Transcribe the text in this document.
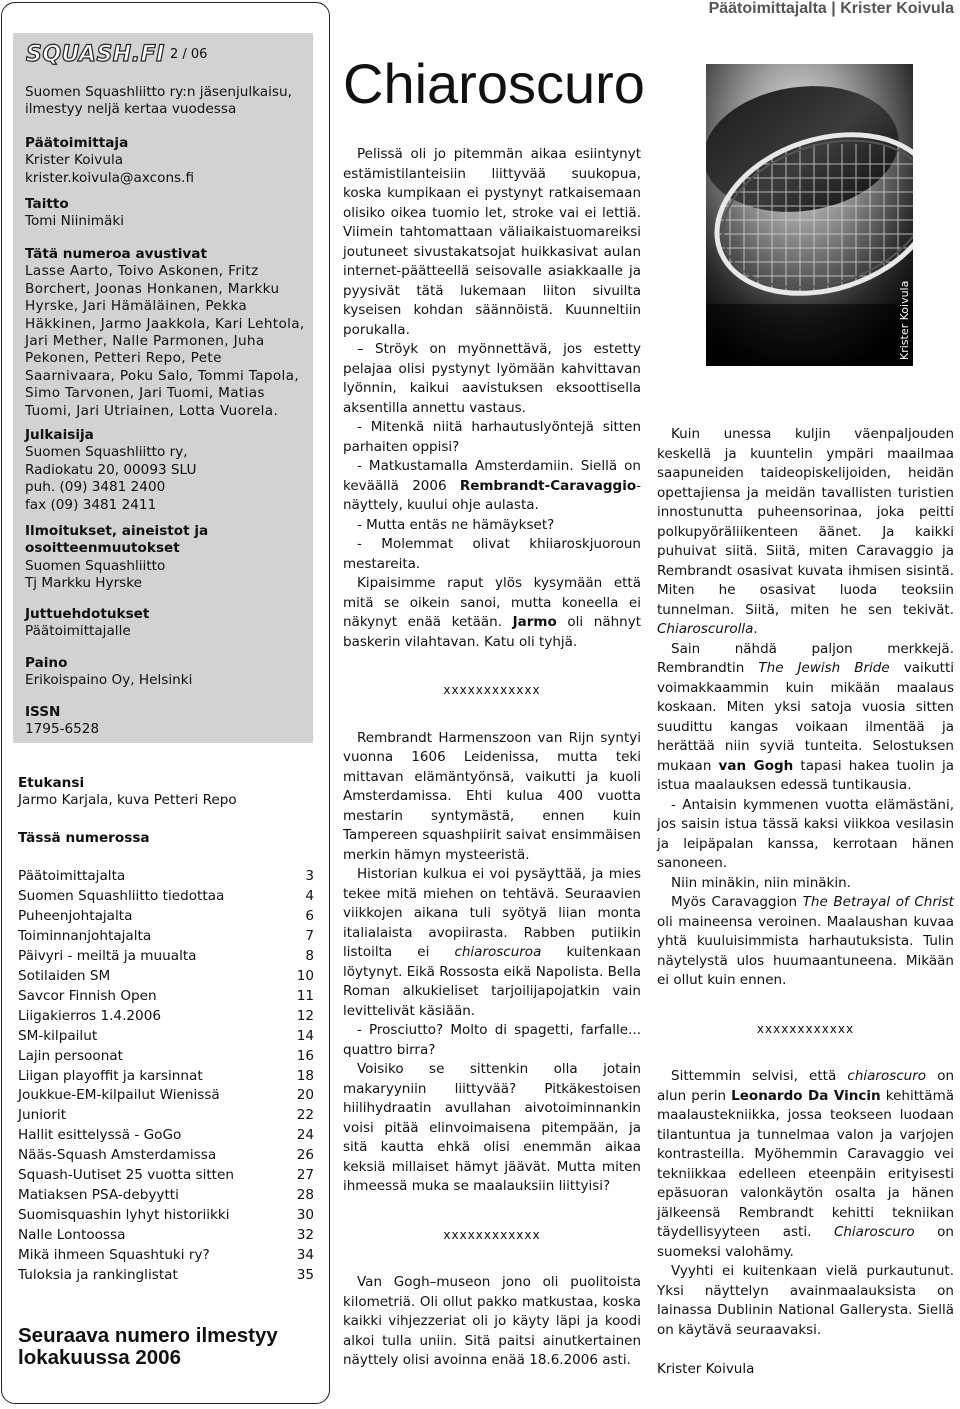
Päätoimittajalta | Krister Koivula
SQUASH.FI 2 / 06
Suomen Squashliitto ry:n jäsenjulkaisu, ilmestyy neljä kertaa vuodessa
Päätoimittaja
Krister Koivula
krister.koivula@axcons.fi
Taitto
Tomi Niinimäki
Tätä numeroa avustivat
Lasse Aarto, Toivo Askonen, Fritz Borchert, Joonas Honkanen, Markku Hyrske, Jari Hämäläinen, Pekka Häkkinen, Jarmo Jaakkola, Kari Lehtola, Jari Mether, Nalle Parmonen, Juha Pekonen, Petteri Repo, Pete Saarnivaara, Poku Salo, Tommi Tapola, Simo Tarvonen, Jari Tuomi, Matias Tuomi, Jari Utriainen, Lotta Vuorela.
Julkaisija
Suomen Squashliitto ry,
Radiokatu 20, 00093 SLU
puh. (09) 3481 2400
fax (09) 3481 2411
Ilmoitukset, aineistot ja osoitteenmuutokset
Suomen Squashliitto
Tj Markku Hyrske
Juttuehdotukset
Päätoimittajalle
Paino
Erikoispaino Oy, Helsinki
ISSN
1795-6528
Etukansi
Jarmo Karjala, kuva Petteri Repo
Tässä numerossa
Päätoimittajalta	3
Suomen Squashliitto tiedottaa	4
Puheenjohtajalta	6
Toiminnanjohtajalta	7
Päivyri - meiltä ja muualta	8
Sotilaiden SM	10
Savcor Finnish Open	11
Liigakierros 1.4.2006	12
SM-kilpailut	14
Lajin persoonat	16
Liigan playoffit ja karsinnat	18
Joukkue-EM-kilpailut Wienissä	20
Juniorit	22
Hallit esittelyssä - GoGo	24
Nääs-Squash Amsterdamissa	26
Squash-Uutiset 25 vuotta sitten	27
Matiaksen PSA-debyytti	28
Suomisquashin lyhyt historiikki	30
Nalle Lontoossa	32
Mikä ihmeen Squashtuki ry?	34
Tuloksia ja rankinglistat	35
Seuraava numero ilmestyy
lokakuussa 2006
Chiaroscuro
Krister Koivula

Pelissä oli jo pitemmän aikaa esiintynyt estämistilanteisiin liittyvää suukopua, koska kumpikaan ei pystynyt ratkaisemaan olisiko oikea tuomio let, stroke vai ei lettiä. Viimein tahtomattaan väliaikaistuomareiksi joutuneet sivustakatsojat huikkasivat aulan internet-päätteellä seisovalle asiakkaalle ja pyysivät tätä lukemaan liiton sivuilta kyseisen kohdan säännöistä. Kuunneltiin porukalla.

– Ströyk on myönnettävä, jos estetty pelajaa olisi pystynyt lyömään kahvittavan lyönnin, kaikui aavistuksen eksoottisella aksentilla annettu vastaus.

- Mitenkä niitä harhautuslyöntejä sitten parhaiten oppisi?

- Matkustamalla Amsterdamiin. Siellä on keväällä 2006 Rembrandt-Caravaggio-näyttely, kuului ohje aulasta.

- Mutta entäs ne hämäykset?

- Molemmat olivat khiiaroskjuoroun mestareita.

Kipaisimme raput ylös kysymään että mitä se oikein sanoi, mutta koneella ei näkynyt enää ketään. Jarmo oli nähnyt baskerin vilahtavan. Katu oli tyhjä.

xxxxxxxxxxxx

Rembrandt Harmenszoon van Rijn syntyi vuonna 1606 Leidenissa, mutta teki mittavan elämäntyönsä, vaikutti ja kuoli Amsterdamissa. Ehti kulua 400 vuotta mestarin syntymästä, ennen kuin Tampereen squashpiirit saivat ensimmäisen merkin hämyn mysteeristä.

Historian kulkua ei voi pysäyttää, ja mies tekee mitä miehen on tehtävä. Seuraavien viikkojen aikana tuli syötyä liian monta italialaista avopiirasta. Rabben putiikin listoilta ei chiaroscuroa kuitenkaan löytynyt. Eikä Rossosta eikä Napolista. Bella Roman alkukieliset tarjoilijapojatkin vain levittelivät käsiään.

- Prosciutto? Molto di spagetti, farfalle... quattro birra?

Voisiko se sittenkin olla jotain makaryyniin liittyvää? Pitkäkestoisen hiilihydraatin avullahan aivotoiminnankin voisi pitää elinvoimaisena pitempään, ja sitä kautta ehkä olisi enemmän aikaa keksiä millaiset hämyt jäävät. Mutta miten ihmeessä muka se maalauksiin liittyisi?

xxxxxxxxxxxx

Van Gogh–museon jono oli puolitoista kilometriä. Oli ollut pakko matkustaa, koska kaikki vihjezzeriat oli jo käyty läpi ja koodi alkoi tulla uniin. Sitä paitsi ainutkertainen näyttely olisi avoinna enää 18.6.2006 asti.

Kuin unessa kuljin väenpaljouden keskellä ja kuuntelin ympäri maailmaa saapuneiden taideopiskelijoiden, heidän opettajiensa ja meidän tavallisten turistien innostunutta puheensorinaa, joka peitti polkupyöräliikenteen äänet. Ja kaikki puhuivat siitä. Siitä, miten Caravaggio ja Rembrandt osasivat kuvata ihmisen sisintä. Miten he osasivat luoda teoksiin tunnelman. Siitä, miten he sen tekivät. Chiaroscurolla.

Sain nähdä paljon merkkejä. Rembrandtin The Jewish Bride vaikutti voimakkaammin kuin mikään maalaus koskaan. Miten yksi satoja vuosia sitten suudittu kangas voikaan ilmentää ja herättää niin syviä tunteita. Selostuksen mukaan van Gogh tapasi hakea tuolin ja istua maalauksen edessä tuntikausia.

- Antaisin kymmenen vuotta elämästäni, jos saisin istua tässä kaksi viikkoa vesilasin ja leipäpalan kanssa, kerrotaan hänen sanoneen.

Niin minäkin, niin minäkin.

Myös Caravaggion The Betrayal of Christ oli maineensa veroinen. Maalaushan kuvaa yhtä kuuluisimmista harhautuksista. Tulin näytelystä ulos huumaantuneena. Mikään ei ollut kuin ennen.

xxxxxxxxxxxx

Sittemmin selvisi, että chiaroscuro on alun perin Leonardo Da Vincin kehittämä maalaustekniikka, jossa teokseen luodaan tilantuntua ja tunnelmaa valon ja varjojen kontrasteilla. Myöhemmin Caravaggio vei tekniikkaa edelleen eteenpäin erityisesti epäsuoran valonkäytön osalta ja hänen jälkeensä Rembrandt kehitti tekniikan täydellisyyteen asti. Chiaroscuro on suomeksi valohämy.

Vyyhti ei kuitenkaan vielä purkautunut. Yksi näyttelyn avainmaalauksista on lainassa Dublinin National Gallerysta. Siellä on käytävä seuraavaksi.

Krister Koivula
